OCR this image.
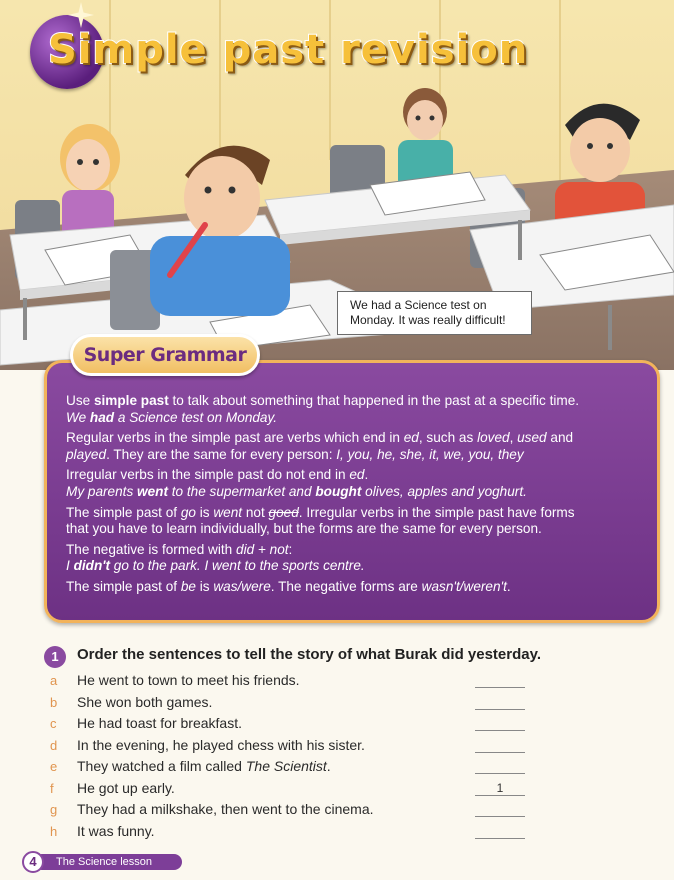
Simple past revision
We had a Science test on
Monday. It was really difficult!
Super Grammar

Use simple past to talk about something that happened in the past at a specific time.
We had a Science test on Monday.

Regular verbs in the simple past are verbs which end in ed, such as loved, used and
played. They are the same for every person: I, you, he, she, it, we, you, they

Irregular verbs in the simple past do not end in ed.
My parents went to the supermarket and bought olives, apples and yoghurt.

The simple past of go is went not goed. Irregular verbs in the simple past have forms
that you have to learn individually, but the forms are the same for every person.

The negative is formed with did + not:
I didn't go to the park. I went to the sports centre.

The simple past of be is was/were. The negative forms are wasn't/weren't.

1	Order the sentences to tell the story of what Burak did yesterday.
a He went to town to meet his friends.
b She won both games.
c He had toast for breakfast.
d In the evening, he played chess with his sister.
e They watched a film called The Scientist.
f He got up early.	1
g They had a milkshake, then went to the cinema.
h It was funny.
4	The Science lesson
